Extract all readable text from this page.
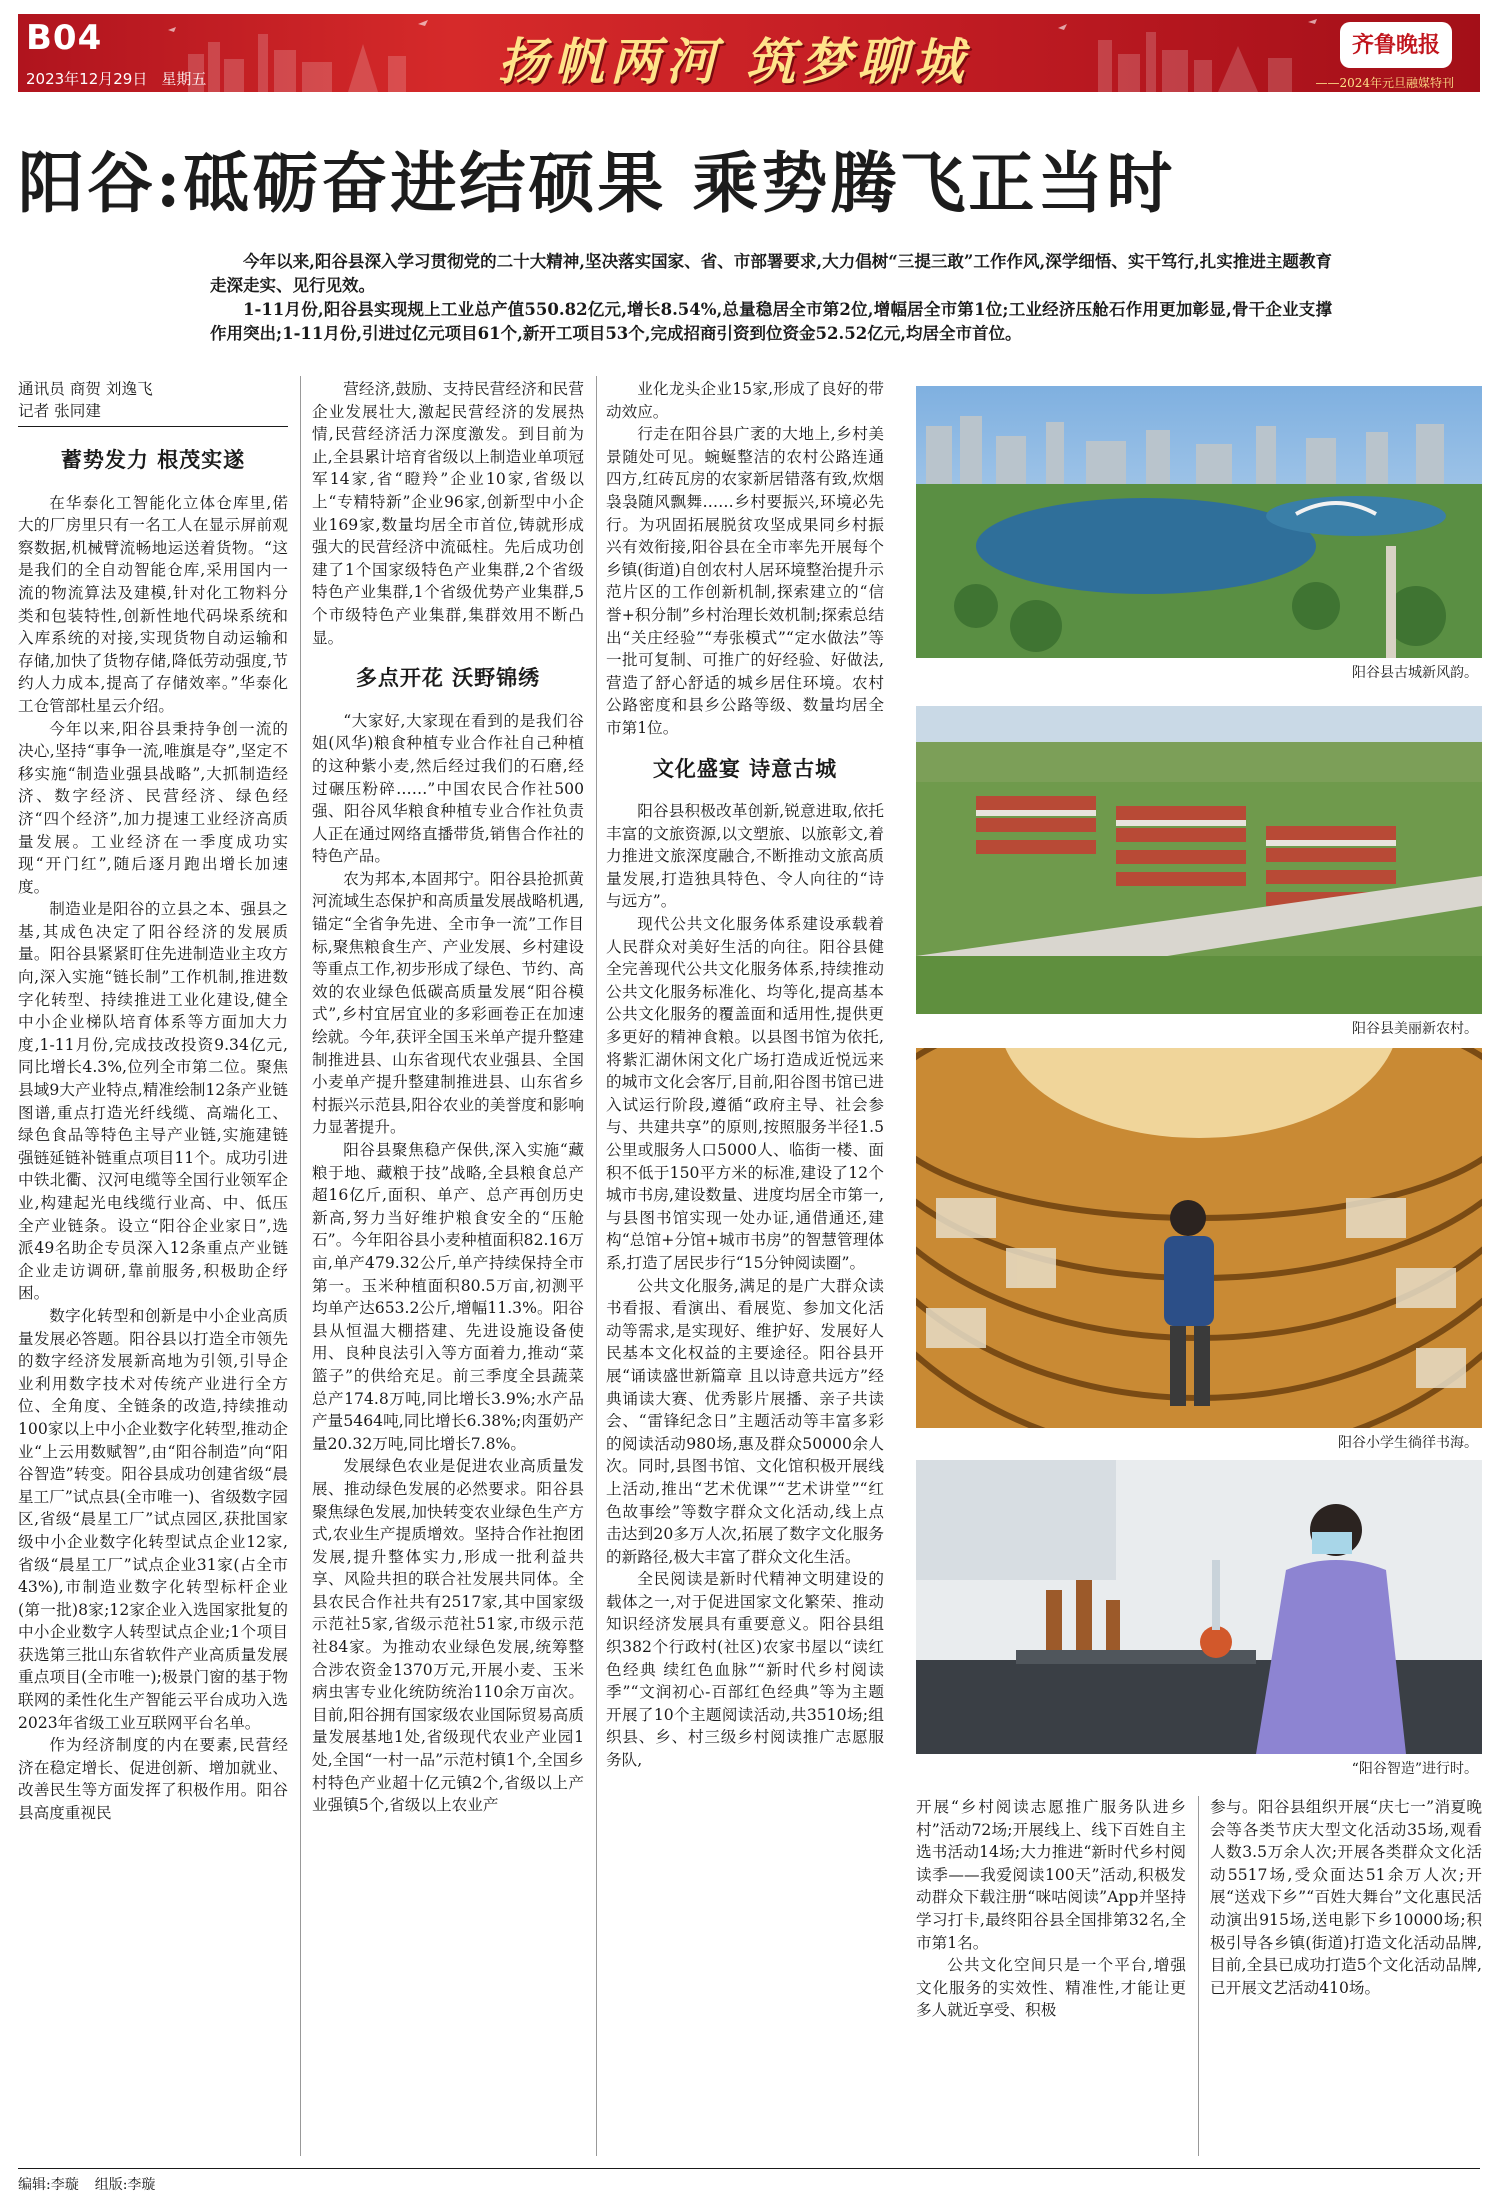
B04
2023年12月29日 星期五	扬帆两河 筑梦聊城	齐鲁晚报
——2024年元旦融媒特刊
阳谷:砥砺奋进结硕果 乘势腾飞正当时

今年以来,阳谷县深入学习贯彻党的二十大精神,坚决落实国家、省、市部署要求,大力倡树“三提三敢”工作作风,深学细悟、实干笃行,扎实推进主题教育走深走实、见行见效。

1-11月份,阳谷县实现规上工业总产值550.82亿元,增长8.54%,总量稳居全市第2位,增幅居全市第1位;工业经济压舱石作用更加彰显,骨干企业支撑作用突出;1-11月份,引进过亿元项目61个,新开工项目53个,完成招商引资到位资金52.52亿元,均居全市首位。

通讯员 商贺 刘逸飞
记者 张同建
蓄势发力 根茂实遂

在华泰化工智能化立体仓库里,偌大的厂房里只有一名工人在显示屏前观察数据,机械臂流畅地运送着货物。“这是我们的全自动智能仓库,采用国内一流的物流算法及建模,针对化工物料分类和包装特性,创新性地代码垛系统和入库系统的对接,实现货物自动运输和存储,加快了货物存储,降低劳动强度,节约人力成本,提高了存储效率。”华泰化工仓管部杜星云介绍。

今年以来,阳谷县秉持争创一流的决心,坚持“事争一流,唯旗是夺”,坚定不移实施“制造业强县战略”,大抓制造经济、数字经济、民营经济、绿色经济“四个经济”,加力提速工业经济高质量发展。工业经济在一季度成功实现“开门红”,随后逐月跑出增长加速度。

制造业是阳谷的立县之本、强县之基,其成色决定了阳谷经济的发展质量。阳谷县紧紧盯住先进制造业主攻方向,深入实施“链长制”工作机制,推进数字化转型、持续推进工业化建设,健全中小企业梯队培育体系等方面加大力度,1-11月份,完成技改投资9.34亿元,同比增长4.3%,位列全市第二位。聚焦县域9大产业特点,精准绘制12条产业链图谱,重点打造光纤线缆、高端化工、绿色食品等特色主导产业链,实施建链强链延链补链重点项目11个。成功引进中铁北衢、汉河电缆等全国行业领军企业,构建起光电线缆行业高、中、低压全产业链条。设立“阳谷企业家日”,选派49名助企专员深入12条重点产业链企业走访调研,靠前服务,积极助企纾困。

数字化转型和创新是中小企业高质量发展必答题。阳谷县以打造全市领先的数字经济发展新高地为引领,引导企业利用数字技术对传统产业进行全方位、全角度、全链条的改造,持续推动100家以上中小企业数字化转型,推动企业“上云用数赋智”,由“阳谷制造”向“阳谷智造”转变。阳谷县成功创建省级“晨星工厂”试点县(全市唯一)、省级数字园区,省级“晨星工厂”试点园区,获批国家级中小企业数字化转型试点企业12家,省级“晨星工厂”试点企业31家(占全市43%),市制造业数字化转型标杆企业(第一批)8家;12家企业入选国家批复的中小企业数字人转型试点企业;1个项目获选第三批山东省软件产业高质量发展重点项目(全市唯一);极景门窗的基于物联网的柔性化生产智能云平台成功入选2023年省级工业互联网平台名单。

作为经济制度的内在要素,民营经济在稳定增长、促进创新、增加就业、改善民生等方面发挥了积极作用。阳谷县高度重视民

营经济,鼓励、支持民营经济和民营企业发展壮大,激起民营经济的发展热情,民营经济活力深度激发。到目前为止,全县累计培育省级以上制造业单项冠军14家,省“瞪羚”企业10家,省级以上“专精特新”企业96家,创新型中小企业169家,数量均居全市首位,铸就形成强大的民营经济中流砥柱。先后成功创建了1个国家级特色产业集群,2个省级特色产业集群,1个省级优势产业集群,5个市级特色产业集群,集群效用不断凸显。

多点开花 沃野锦绣

“大家好,大家现在看到的是我们谷姐(风华)粮食种植专业合作社自己种植的这种紫小麦,然后经过我们的石磨,经过碾压粉碎……”中国农民合作社500强、阳谷风华粮食种植专业合作社负责人正在通过网络直播带货,销售合作社的特色产品。

农为邦本,本固邦宁。阳谷县抢抓黄河流域生态保护和高质量发展战略机遇,锚定“全省争先进、全市争一流”工作目标,聚焦粮食生产、产业发展、乡村建设等重点工作,初步形成了绿色、节约、高效的农业绿色低碳高质量发展“阳谷模式”,乡村宜居宜业的多彩画卷正在加速绘就。今年,获评全国玉米单产提升整建制推进县、山东省现代农业强县、全国小麦单产提升整建制推进县、山东省乡村振兴示范县,阳谷农业的美誉度和影响力显著提升。

阳谷县聚焦稳产保供,深入实施“藏粮于地、藏粮于技”战略,全县粮食总产超16亿斤,面积、单产、总产再创历史新高,努力当好维护粮食安全的“压舱石”。今年阳谷县小麦种植面积82.16万亩,单产479.32公斤,单产持续保持全市第一。玉米种植面积80.5万亩,初测平均单产达653.2公斤,增幅11.3%。阳谷县从恒温大棚搭建、先进设施设备使用、良种良法引入等方面着力,推动“菜篮子”的供给充足。前三季度全县蔬菜总产174.8万吨,同比增长3.9%;水产品产量5464吨,同比增长6.38%;肉蛋奶产量20.32万吨,同比增长7.8%。

发展绿色农业是促进农业高质量发展、推动绿色发展的必然要求。阳谷县聚焦绿色发展,加快转变农业绿色生产方式,农业生产提质增效。坚持合作社抱团发展,提升整体实力,形成一批利益共享、风险共担的联合社发展共同体。全县农民合作社共有2517家,其中国家级示范社5家,省级示范社51家,市级示范社84家。为推动农业绿色发展,统筹整合涉农资金1370万元,开展小麦、玉米病虫害专业化统防统治110余万亩次。目前,阳谷拥有国家级农业国际贸易高质量发展基地1处,省级现代农业产业园1处,全国“一村一品”示范村镇1个,全国乡村特色产业超十亿元镇2个,省级以上产业强镇5个,省级以上农业产

业化龙头企业15家,形成了良好的带动效应。

行走在阳谷县广袤的大地上,乡村美景随处可见。蜿蜒整洁的农村公路连通四方,红砖瓦房的农家新居错落有致,炊烟袅袅随风飘舞……乡村要振兴,环境必先行。为巩固拓展脱贫攻坚成果同乡村振兴有效衔接,阳谷县在全市率先开展每个乡镇(街道)自创农村人居环境整治提升示范片区的工作创新机制,探索建立的“信誉+积分制”乡村治理长效机制;探索总结出“关庄经验”“寿张模式”“定水做法”等一批可复制、可推广的好经验、好做法,营造了舒心舒适的城乡居住环境。农村公路密度和县乡公路等级、数量均居全市第1位。

文化盛宴 诗意古城

阳谷县积极改革创新,锐意进取,依托丰富的文旅资源,以文塑旅、以旅彰文,着力推进文旅深度融合,不断推动文旅高质量发展,打造独具特色、令人向往的“诗与远方”。

现代公共文化服务体系建设承载着人民群众对美好生活的向往。阳谷县健全完善现代公共文化服务体系,持续推动公共文化服务标准化、均等化,提高基本公共文化服务的覆盖面和适用性,提供更多更好的精神食粮。以县图书馆为依托,将紫汇湖休闲文化广场打造成近悦远来的城市文化会客厅,目前,阳谷图书馆已进入试运行阶段,遵循“政府主导、社会参与、共建共享”的原则,按照服务半径1.5公里或服务人口5000人、临街一楼、面积不低于150平方米的标准,建设了12个城市书房,建设数量、进度均居全市第一,与县图书馆实现一处办证,通借通还,建构“总馆+分馆+城市书房”的智慧管理体系,打造了居民步行“15分钟阅读圈”。

公共文化服务,满足的是广大群众读书看报、看演出、看展览、参加文化活动等需求,是实现好、维护好、发展好人民基本文化权益的主要途径。阳谷县开展“诵读盛世新篇章 且以诗意共远方”经典诵读大赛、优秀影片展播、亲子共读会、“雷锋纪念日”主题活动等丰富多彩的阅读活动980场,惠及群众50000余人次。同时,县图书馆、文化馆积极开展线上活动,推出“艺术优课”“艺术讲堂”“红色故事绘”等数字群众文化活动,线上点击达到20多万人次,拓展了数字文化服务的新路径,极大丰富了群众文化生活。

全民阅读是新时代精神文明建设的载体之一,对于促进国家文化繁荣、推动知识经济发展具有重要意义。阳谷县组织382个行政村(社区)农家书屋以“读红色经典 续红色血脉”“新时代乡村阅读季”“文润初心-百部红色经典”等为主题开展了10个主题阅读活动,共3510场;组织县、乡、村三级乡村阅读推广志愿服务队,

阳谷县古城新风韵。
阳谷县美丽新农村。
阳谷小学生徜徉书海。
“阳谷智造”进行时。

开展“乡村阅读志愿推广服务队进乡村”活动72场;开展线上、线下百姓自主选书活动14场;大力推进“新时代乡村阅读季——我爱阅读100天”活动,积极发动群众下载注册“咪咕阅读”App并坚持学习打卡,最终阳谷县全国排第32名,全市第1名。

公共文化空间只是一个平台,增强文化服务的实效性、精准性,才能让更多人就近享受、积极

参与。阳谷县组织开展“庆七一”消夏晚会等各类节庆大型文化活动35场,观看人数3.5万余人次;开展各类群众文化活动5517场,受众面达51余万人次;开展“送戏下乡”“百姓大舞台”文化惠民活动演出915场,送电影下乡10000场;积极引导各乡镇(街道)打造文化活动品牌,目前,全县已成功打造5个文化活动品牌,已开展文艺活动410场。

编辑:李璇 组版:李璇
